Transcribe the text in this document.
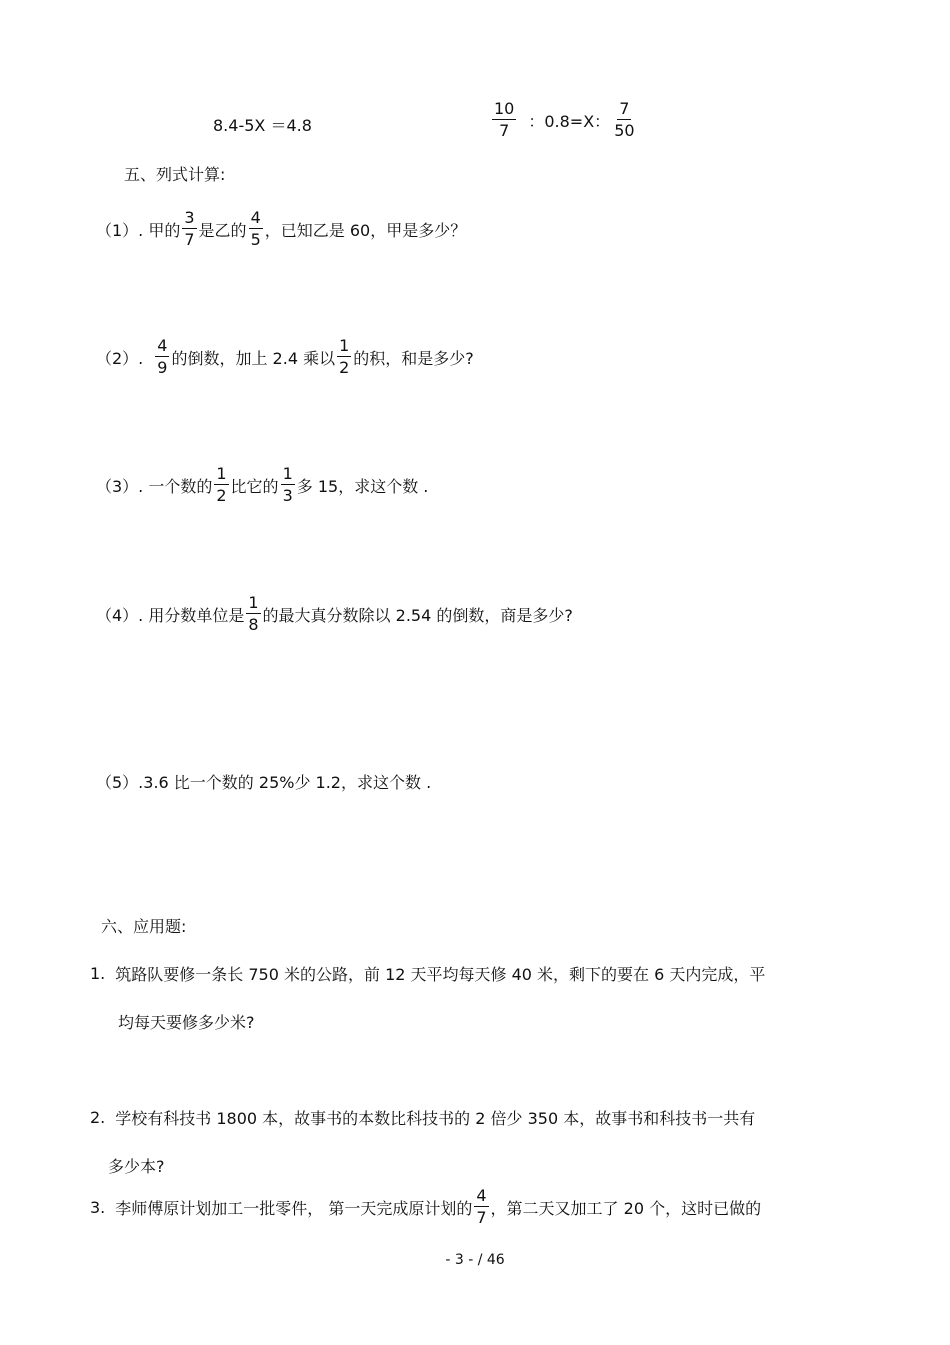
8.4-5X ＝4.8	$\frac{10}{7}$ ：0.8=X： $\frac{7}{50}$
五、列式计算:
（1）. 甲的 $\frac{3}{7}$ 是乙的 $\frac{4}{5}$ ，已知乙是 60，甲是多少？
（2）. $\frac{4}{9}$ 的倒数，加上 2.4 乘以 $\frac{1}{2}$ 的积，和是多少?
（3）. 一个数的 $\frac{1}{2}$ 比它的 $\frac{1}{3}$ 多 15，求这个数 .
（4）. 用分数单位是 $\frac{1}{8}$ 的最大真分数除以 2.54 的倒数，商是多少?
（5）.3.6 比一个数的 25%少 1.2，求这个数 .
六、应用题:
1. 筑路队要修一条长 750 米的公路，前 12 天平均每天修 40 米，剩下的要在 6 天内完成，平
均每天要修多少米?
2. 学校有科技书 1800 本，故事书的本数比科技书的 2 倍少 350 本，故事书和科技书一共有
多少本?
3. 李师傅原计划加工一批零件， 第一天完成原计划的 $\frac{4}{7}$ ，第二天又加工了 20 个，这时已做的
- 3 - / 46
